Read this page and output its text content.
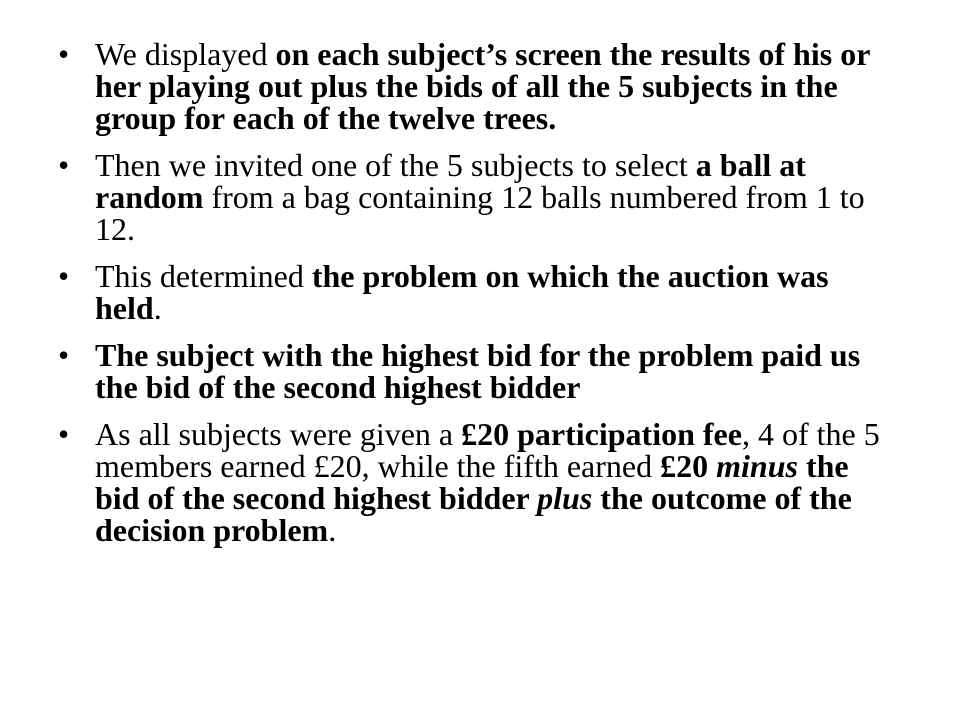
• We displayed on each subject’s screen the results of his or her playing out plus the bids of all the 5 subjects in the group for each of the twelve trees.
• Then we invited one of the 5 subjects to select a ball at random from a bag containing 12 balls numbered from 1 to 12.
• This determined the problem on which the auction was held.
• The subject with the highest bid for the problem paid us the bid of the second highest bidder
• As all subjects were given a £20 participation fee, 4 of the 5 members earned £20, while the fifth earned £20 minus the bid of the second highest bidder plus the outcome of the decision problem.
